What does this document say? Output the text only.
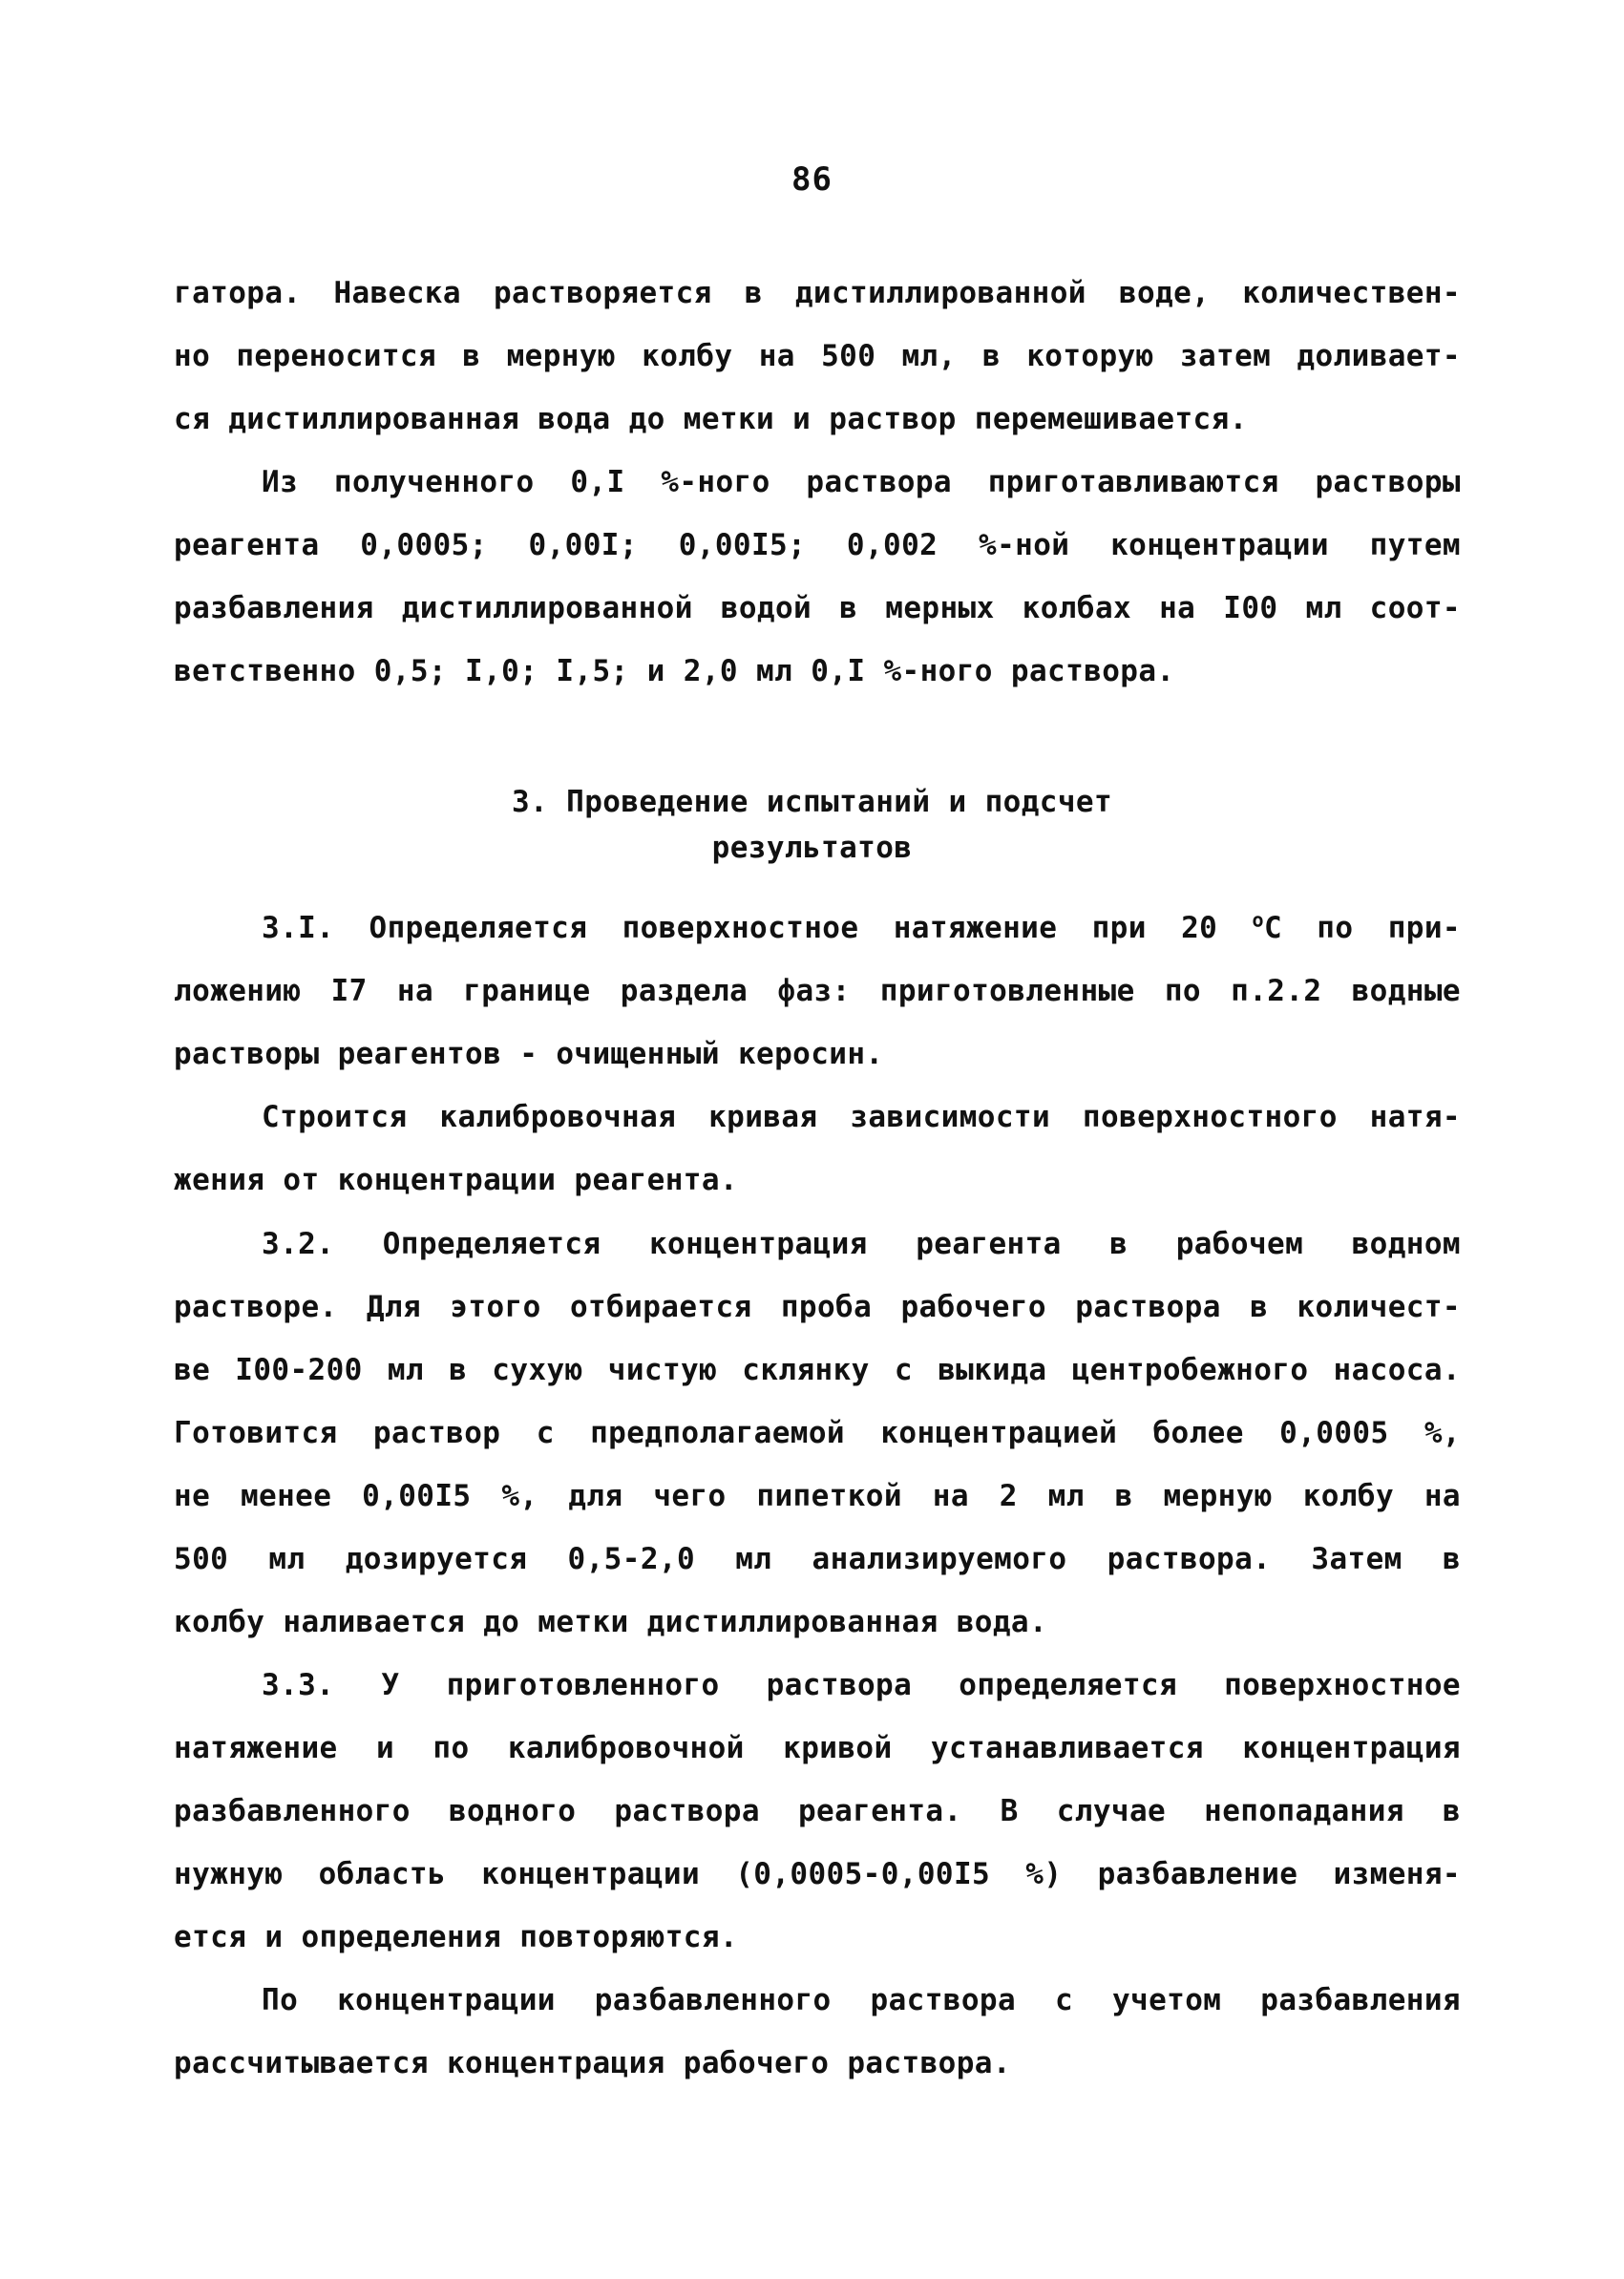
86
гатора. Навеска растворяется в дистиллированной воде, количествен-
но переносится в мерную колбу на 500 мл, в которую затем доливает-
ся дистиллированная вода до метки и раствор перемешивается.
Из полученного 0,I %-ного раствора приготавливаются растворы
реагента 0,0005; 0,00I; 0,00I5; 0,002 %-ной концентрации путем
разбавления дистиллированной водой в мерных колбах на I00 мл соот-
ветственно 0,5; I,0; I,5; и 2,0 мл 0,I %-ного раствора.
3. Проведение испытаний и подсчет
результатов
3.I. Определяется поверхностное натяжение при 20 $^o$С по при-
ложению I7 на границе раздела фаз: приготовленные по п.2.2 водные
растворы реагентов - очищенный керосин.
Строится калибровочная кривая зависимости поверхностного натя-
жения от концентрации реагента.
3.2. Определяется концентрация реагента в рабочем водном
растворе. Для этого отбирается проба рабочего раствора в количест-
ве I00-200 мл в сухую чистую склянку с выкида центробежного насоса.
Готовится раствор с предполагаемой концентрацией более 0,0005 %,
не менее 0,00I5 %, для чего пипеткой на 2 мл в мерную колбу на
500 мл дозируется 0,5-2,0 мл анализируемого раствора. Затем в
колбу наливается до метки дистиллированная вода.
3.3. У приготовленного раствора определяется поверхностное
натяжение и по калибровочной кривой устанавливается концентрация
разбавленного водного раствора реагента. В случае непопадания в
нужную область концентрации (0,0005-0,00I5 %) разбавление изменя-
ется и определения повторяются.
По концентрации разбавленного раствора с учетом разбавления
рассчитывается концентрация рабочего раствора.
